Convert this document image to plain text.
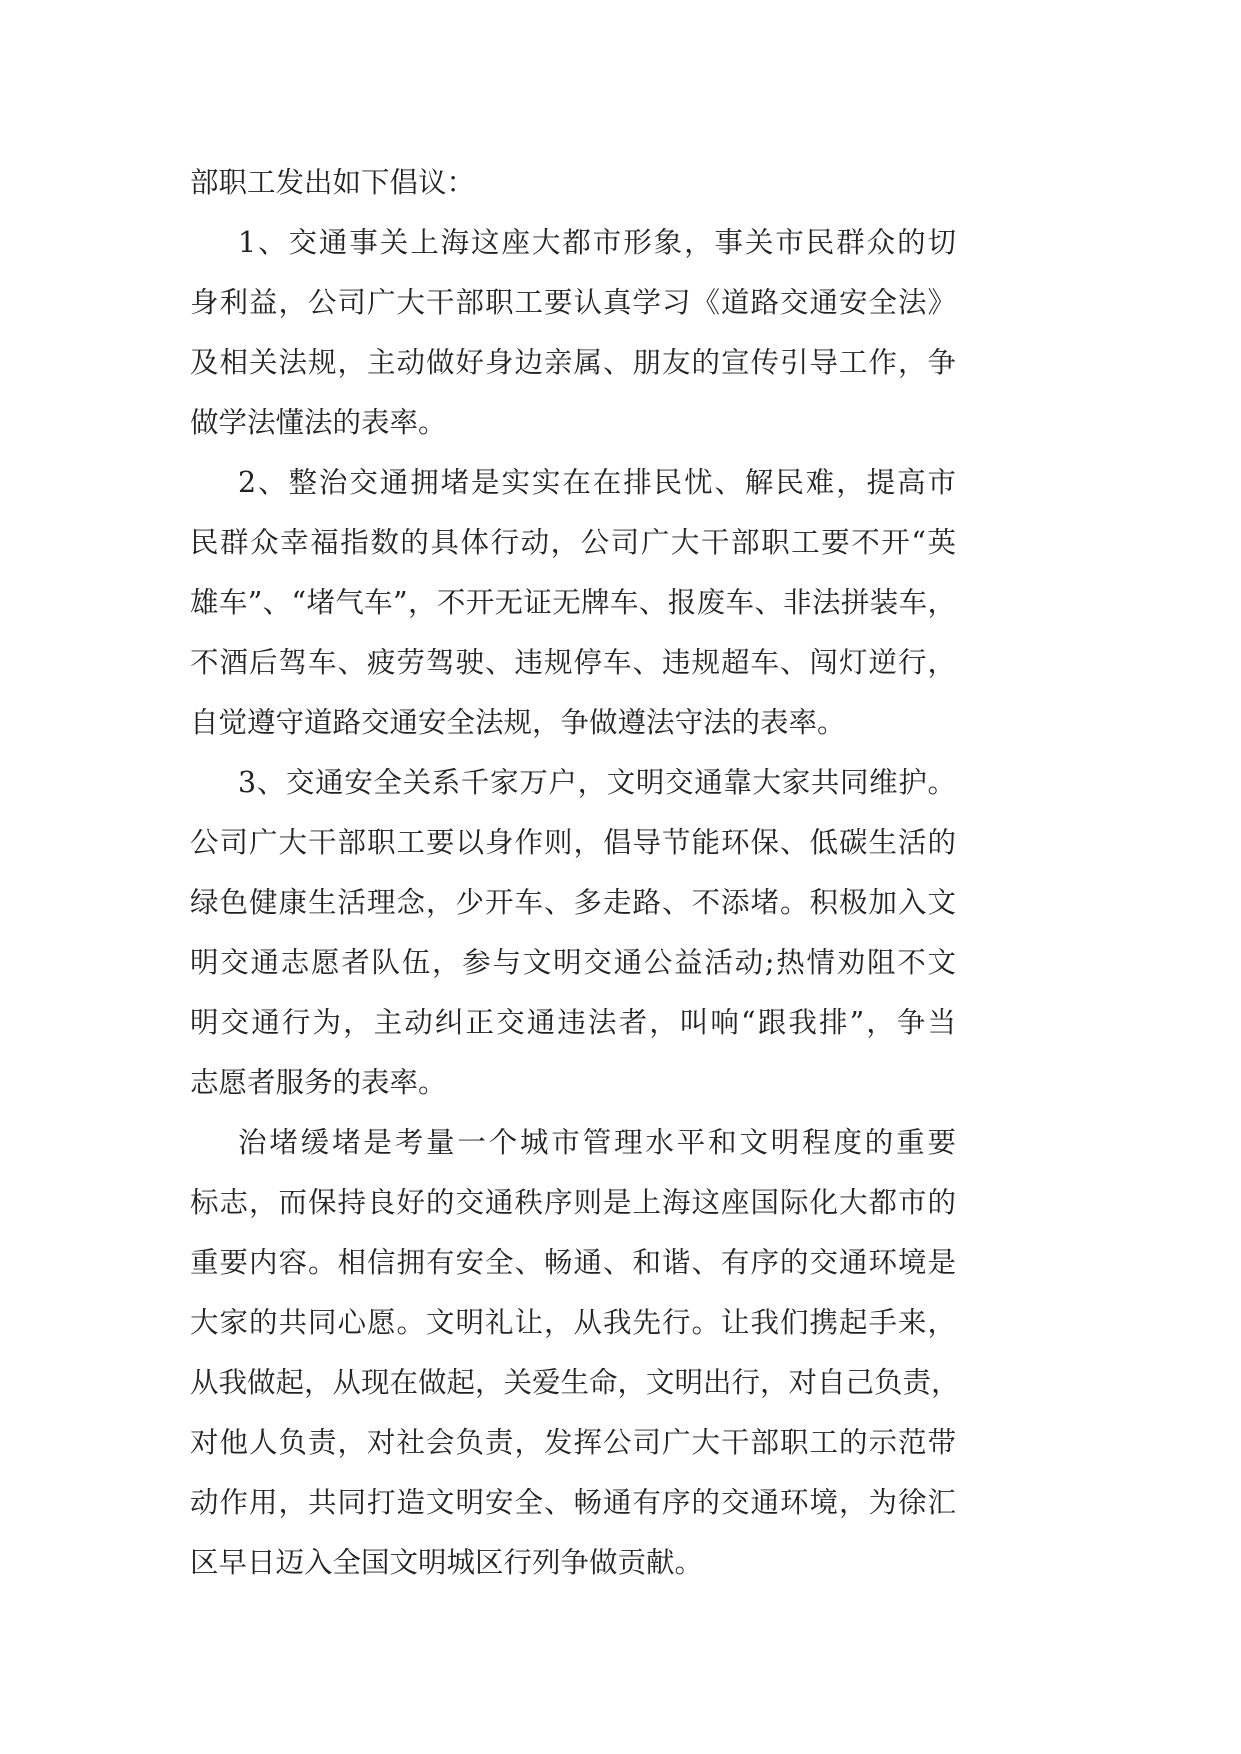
部职工发出如下倡议：
1、交通事关上海这座大都市形象，事关市民群众的切
身利益，公司广大干部职工要认真学习《道路交通安全法》
及相关法规，主动做好身边亲属、朋友的宣传引导工作，争
做学法懂法的表率。
2、整治交通拥堵是实实在在排民忧、解民难，提高市
民群众幸福指数的具体行动，公司广大干部职工要不开“英
雄车”、“堵气车”，不开无证无牌车、报废车、非法拼装车，
不酒后驾车、疲劳驾驶、违规停车、违规超车、闯灯逆行，
自觉遵守道路交通安全法规，争做遵法守法的表率。
3、交通安全关系千家万户，文明交通靠大家共同维护。
公司广大干部职工要以身作则，倡导节能环保、低碳生活的
绿色健康生活理念，少开车、多走路、不添堵。积极加入文
明交通志愿者队伍，参与文明交通公益活动;热情劝阻不文
明交通行为，主动纠正交通违法者，叫响“跟我排”，争当
志愿者服务的表率。
治堵缓堵是考量一个城市管理水平和文明程度的重要
标志，而保持良好的交通秩序则是上海这座国际化大都市的
重要内容。相信拥有安全、畅通、和谐、有序的交通环境是
大家的共同心愿。文明礼让，从我先行。让我们携起手来，
从我做起，从现在做起，关爱生命，文明出行，对自己负责，
对他人负责，对社会负责，发挥公司广大干部职工的示范带
动作用，共同打造文明安全、畅通有序的交通环境，为徐汇
区早日迈入全国文明城区行列争做贡献。
